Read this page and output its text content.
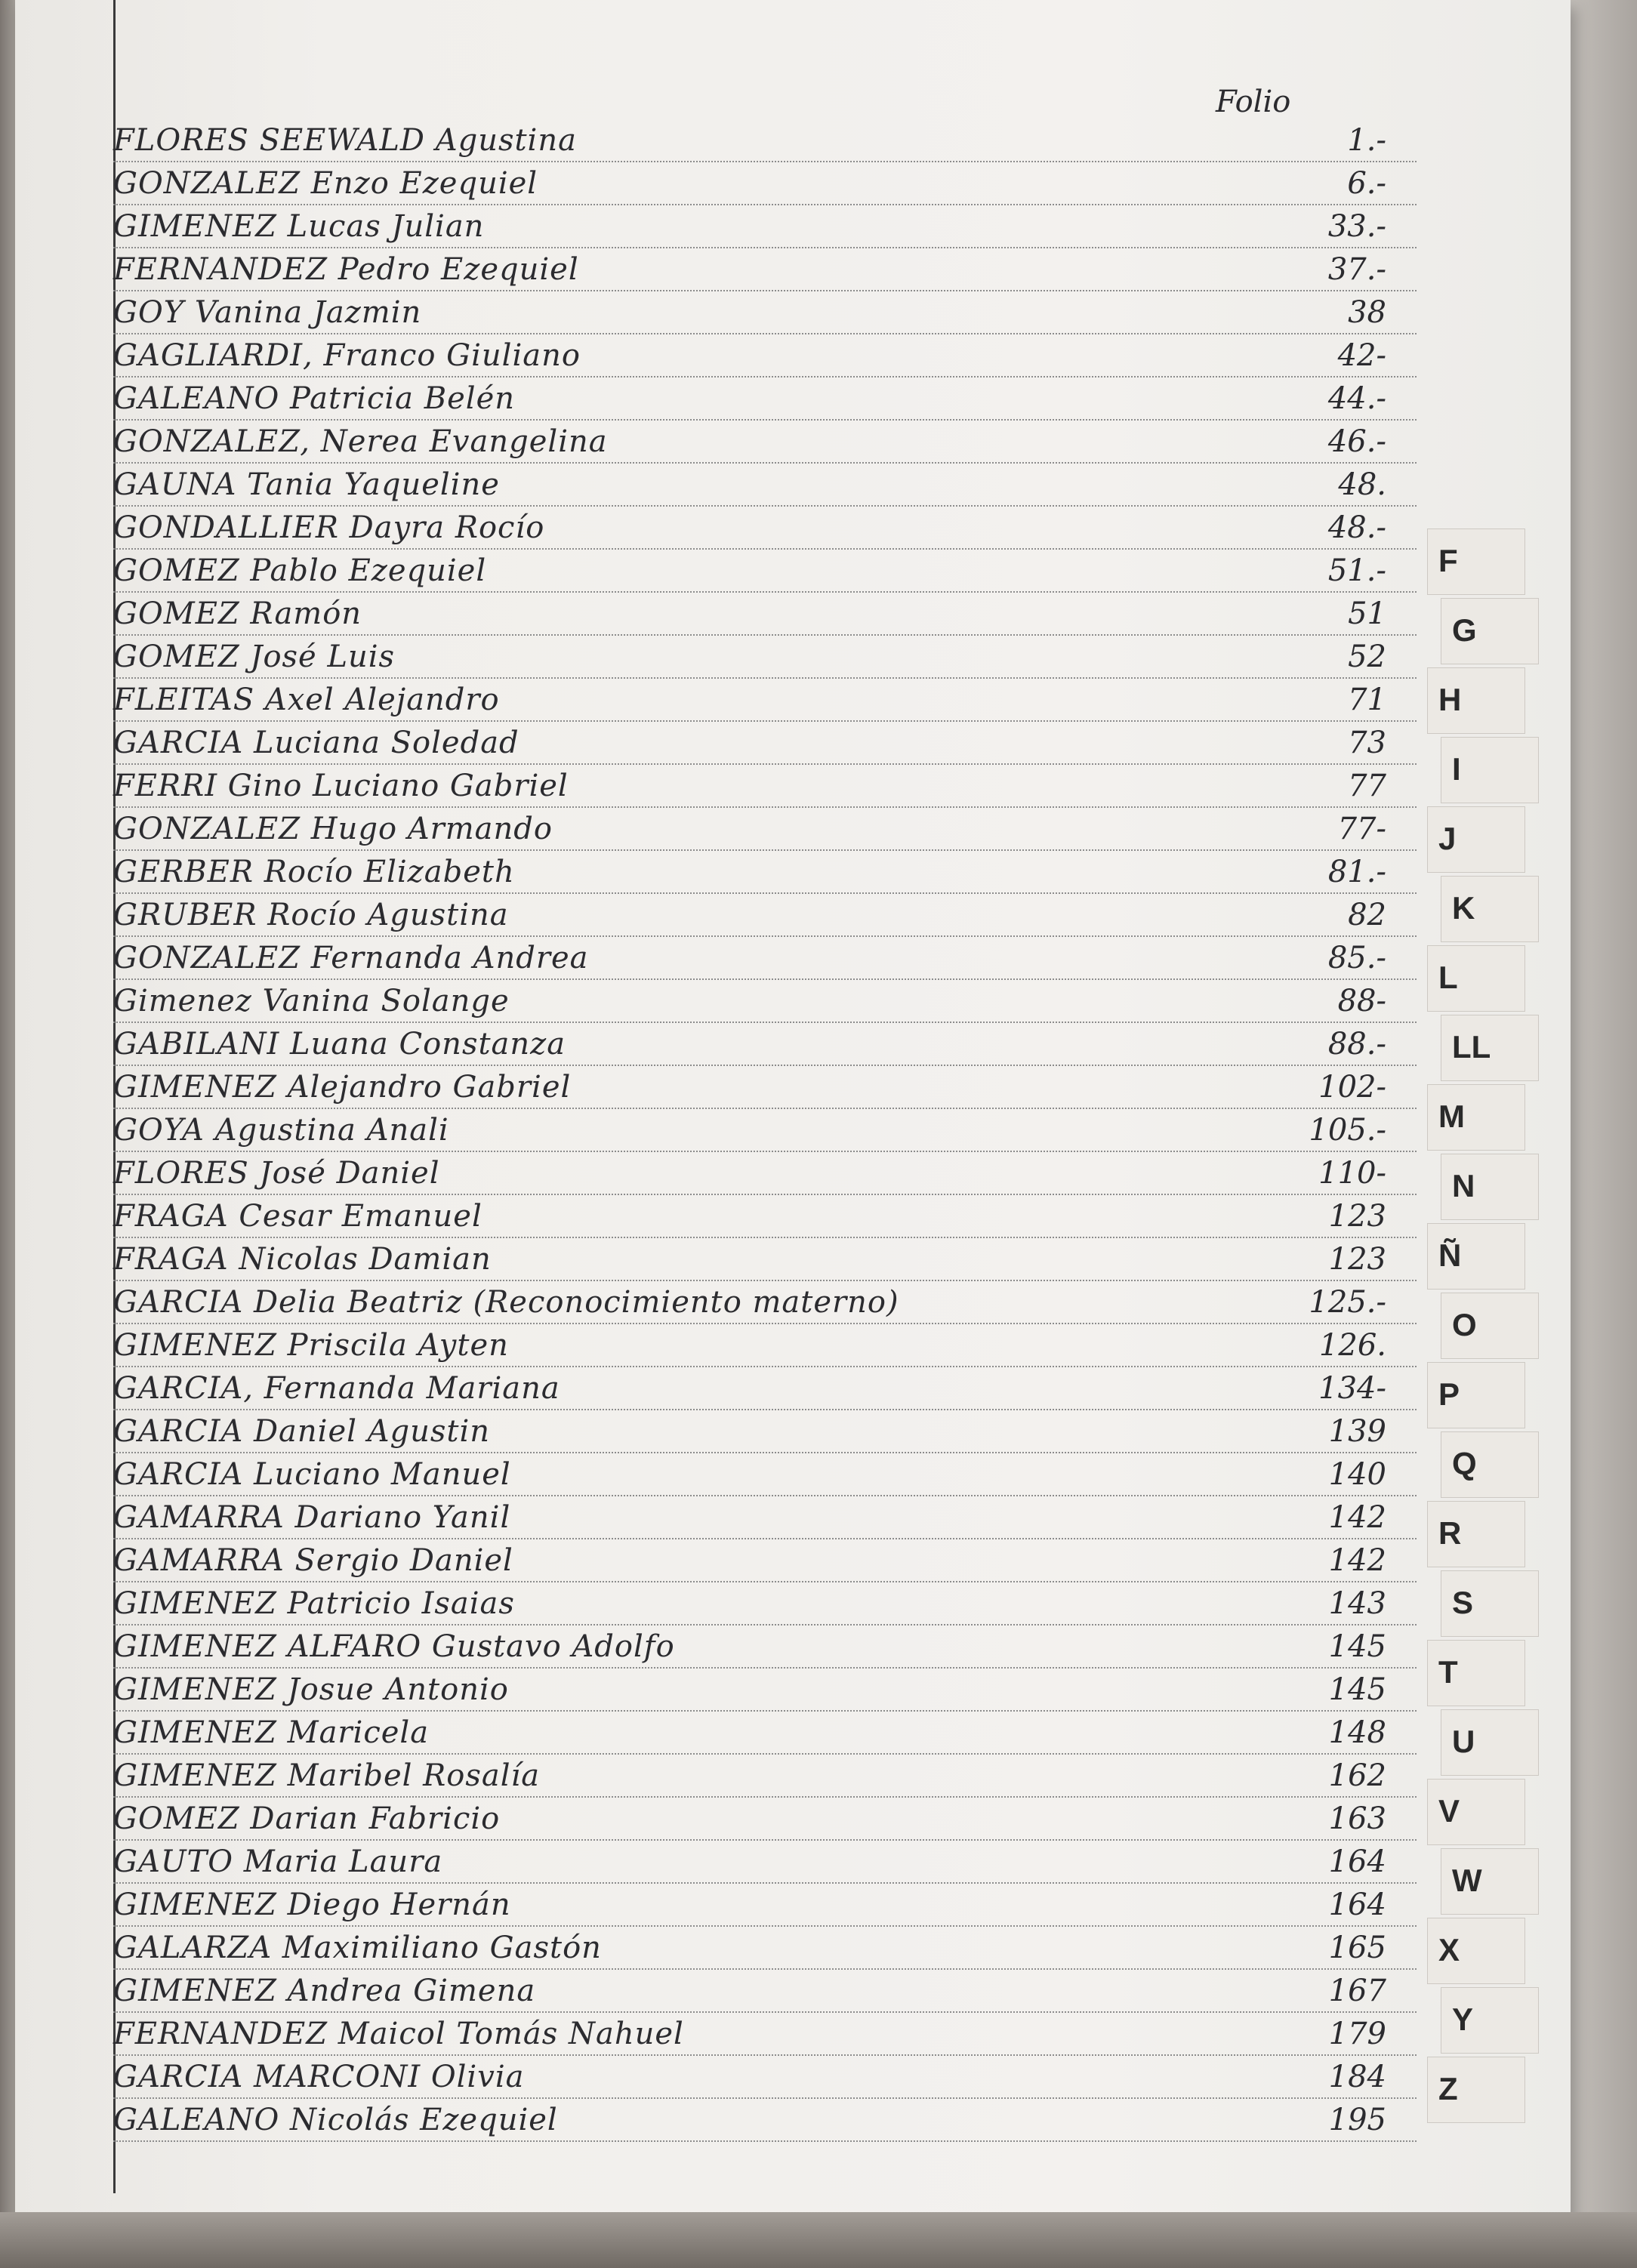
Folio
FLORES SEEWALD Agustina	1.-
GONZALEZ Enzo Ezequiel	6.-
GIMENEZ Lucas Julian	33.-
FERNANDEZ Pedro Ezequiel	37.-
GOY Vanina Jazmin	38
GAGLIARDI, Franco Giuliano	42-
GALEANO Patricia Belén	44.-
GONZALEZ, Nerea Evangelina	46.-
GAUNA Tania Yaqueline	48.
GONDALLIER Dayra Rocío	48.-
GOMEZ Pablo Ezequiel	51.-
GOMEZ Ramón	51
GOMEZ José Luis	52
FLEITAS Axel Alejandro	71
GARCIA Luciana Soledad	73
FERRI Gino Luciano Gabriel	77
GONZALEZ Hugo Armando	77-
GERBER Rocío Elizabeth	81.-
GRUBER Rocío Agustina	82
GONZALEZ Fernanda Andrea	85.-
Gimenez Vanina Solange	88-
GABILANI Luana Constanza	88.-
GIMENEZ Alejandro Gabriel	102-
GOYA Agustina Anali	105.-
FLORES José Daniel	110-
FRAGA Cesar Emanuel	123
FRAGA Nicolas Damian	123
GARCIA Delia Beatriz (Reconocimiento materno)	125.-
GIMENEZ Priscila Ayten	126.
GARCIA, Fernanda Mariana	134-
GARCIA Daniel Agustin	139
GARCIA Luciano Manuel	140
GAMARRA Dariano Yanil	142
GAMARRA Sergio Daniel	142
GIMENEZ Patricio Isaias	143
GIMENEZ ALFARO Gustavo Adolfo	145
GIMENEZ Josue Antonio	145
GIMENEZ Maricela	148
GIMENEZ Maribel Rosalía	162
GOMEZ Darian Fabricio	163
GAUTO Maria Laura	164
GIMENEZ Diego Hernán	164
GALARZA Maximiliano Gastón	165
GIMENEZ Andrea Gimena	167
FERNANDEZ Maicol Tomás Nahuel	179
GARCIA MARCONI Olivia	184
GALEANO Nicolás Ezequiel	195
F
G
H
I
J
K
L
LL
M
N
Ñ
O
P
Q
R
S
T
U
V
W
X
Y
Z
